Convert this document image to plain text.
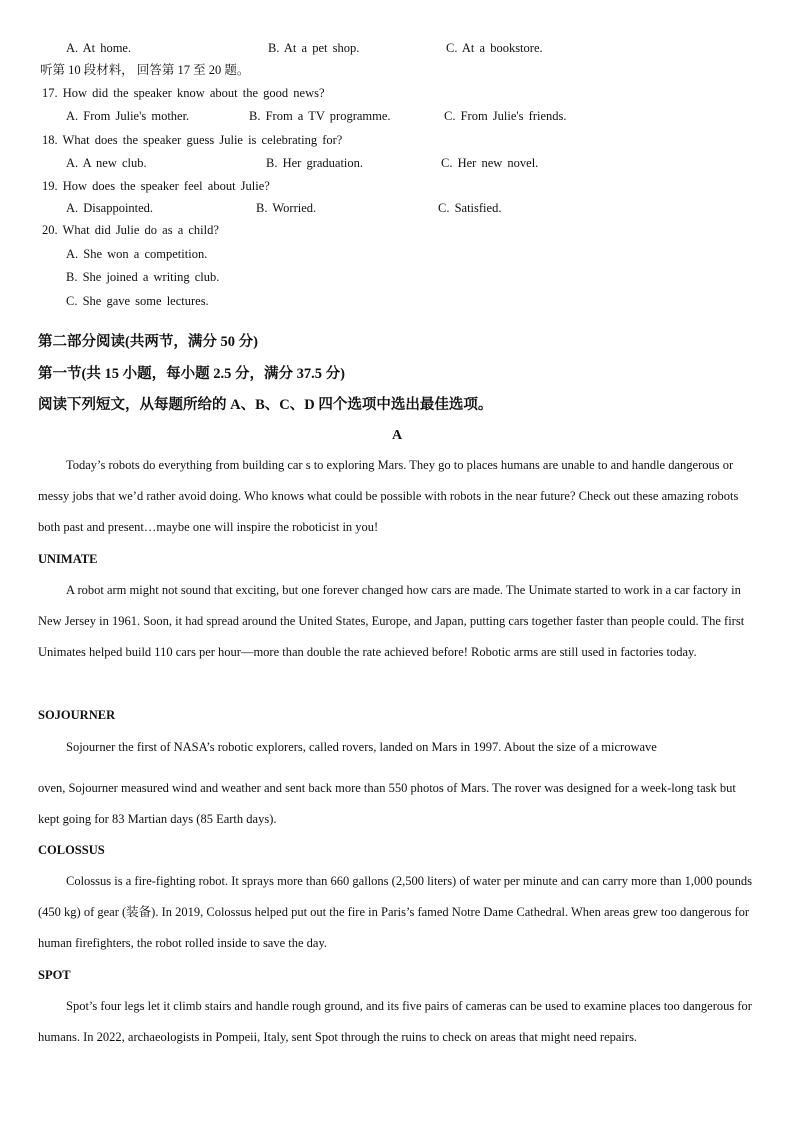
A. At home.	B. At a pet shop.	C. At a bookstore.
听第 10 段材料， 回答第 17 至 20 题。
17. How did the speaker know about the good news?
A. From Julie's mother.	B. From a TV programme.	C. From Julie's friends.
18. What does the speaker guess Julie is celebrating for?
A. A new club.	B. Her graduation.	C. Her new novel.
19. How does the speaker feel about Julie?
A. Disappointed.	B. Worried.	C. Satisfied.
20. What did Julie do as a child?
A. She won a competition.
B. She joined a writing club.
C. She gave some lectures.
第二部分阅读(共两节，满分 50 分)
第一节(共 15 小题，每小题 2.5 分，满分 37.5 分)
阅读下列短文，从每题所给的 A、B、C、D 四个选项中选出最佳选项。
A

Today’s robots do everything from building car s to exploring Mars. They go to places humans are unable to and handle dangerous or messy jobs that we’d rather avoid doing. Who knows what could be possible with robots in the near future? Check out these amazing robots both past and present…maybe one will inspire the roboticist in you!

UNIMATE

A robot arm might not sound that exciting, but one forever changed how cars are made. The Unimate started to work in a car factory in New Jersey in 1961. Soon, it had spread around the United States, Europe, and Japan, putting cars together faster than people could. The first Unimates helped build 110 cars per hour—more than double the rate achieved before! Robotic arms are still used in factories today.

SOJOURNER
Sojourner the first of NASA’s robotic explorers, called rovers, landed on Mars in 1997. About the size of a microwave

oven, Sojourner measured wind and weather and sent back more than 550 photos of Mars. The rover was designed for a week-long task but kept going for 83 Martian days (85 Earth days).

COLOSSUS

Colossus is a fire-fighting robot. It sprays more than 660 gallons (2,500 liters) of water per minute and can carry more than 1,000 pounds (450 kg) of gear (装备). In 2019, Colossus helped put out the fire in Paris’s famed Notre Dame Cathedral. When areas grew too dangerous for human firefighters, the robot rolled inside to save the day.

SPOT

Spot’s four legs let it climb stairs and handle rough ground, and its five pairs of cameras can be used to examine places too dangerous for humans. In 2022, archaeologists in Pompeii, Italy, sent Spot through the ruins to check on areas that might need repairs.
